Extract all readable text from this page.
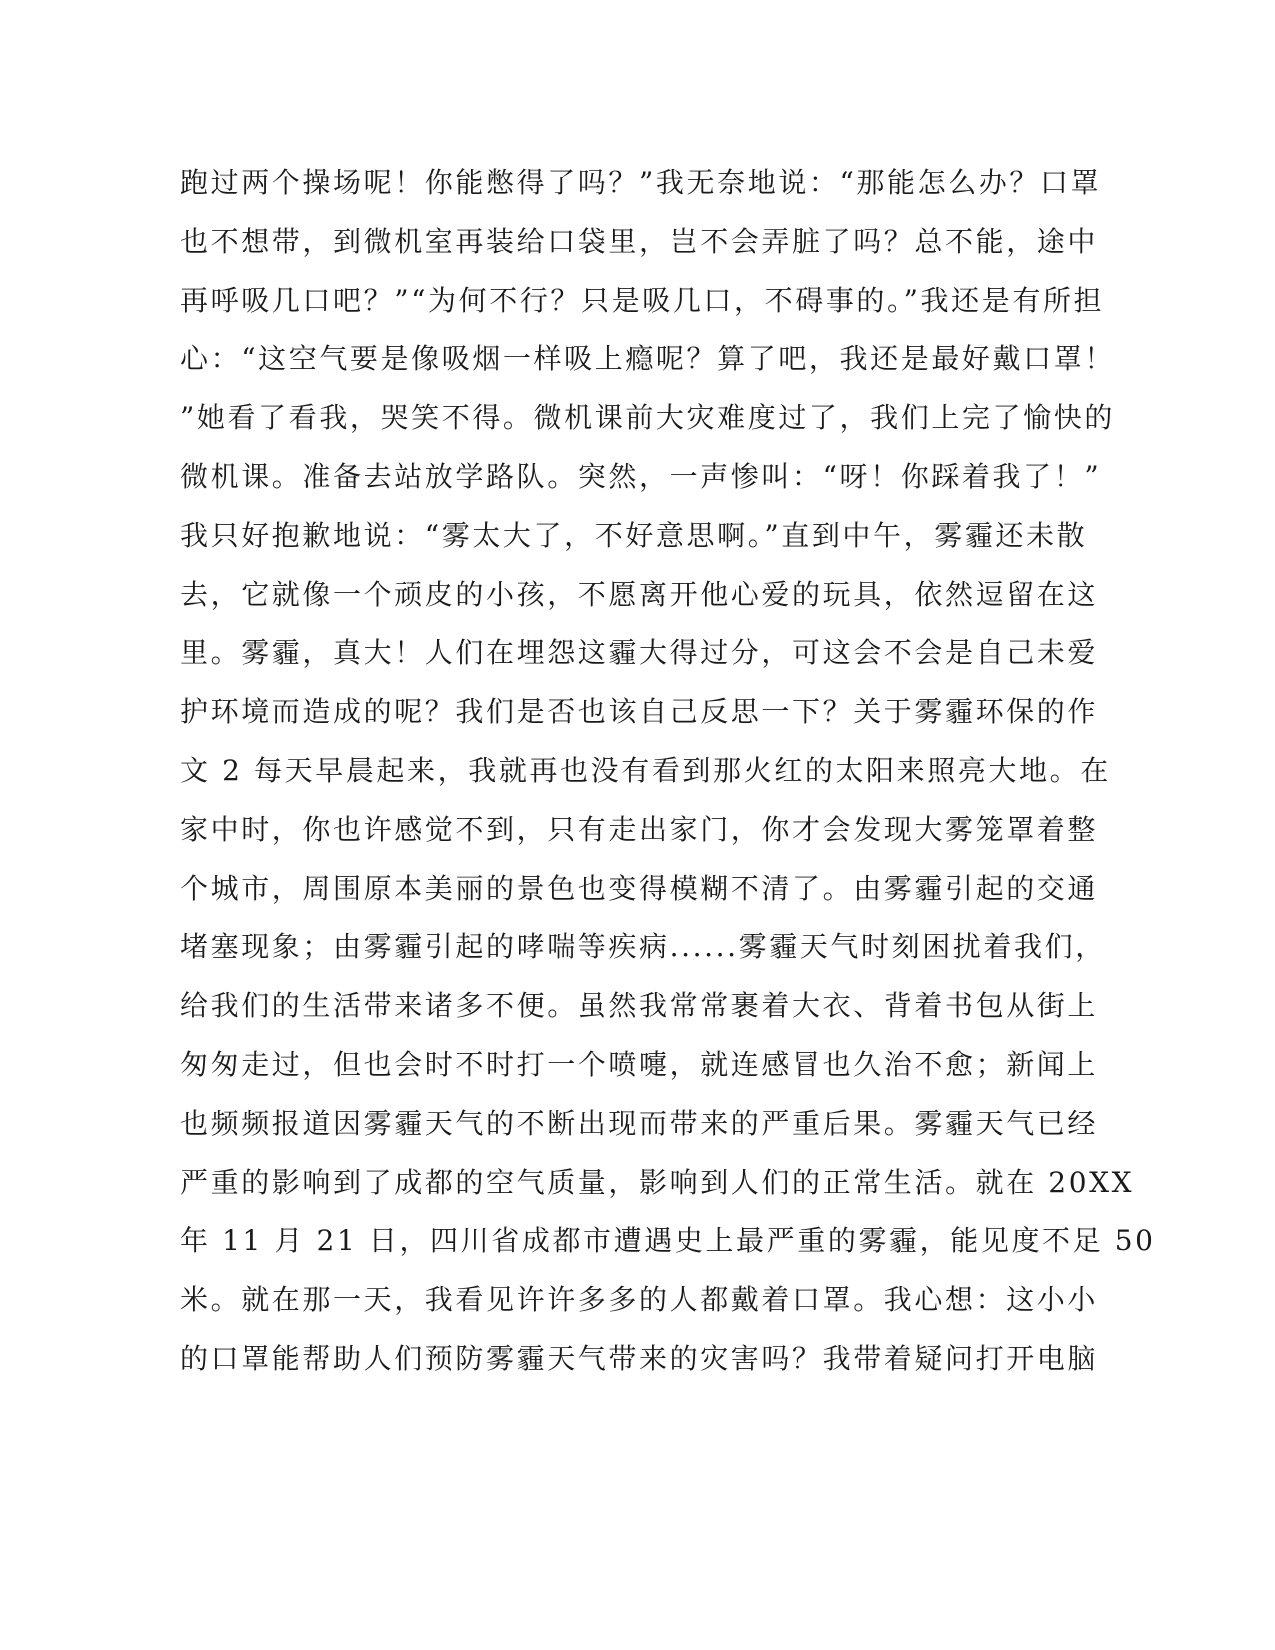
跑过两个操场呢！你能憋得了吗？”我无奈地说：“那能怎么办？口罩
也不想带，到微机室再装给口袋里，岂不会弄脏了吗？总不能，途中
再呼吸几口吧？”“为何不行？只是吸几口，不碍事的。”我还是有所担
心：“这空气要是像吸烟一样吸上瘾呢？算了吧，我还是最好戴口罩！
”她看了看我，哭笑不得。微机课前大灾难度过了，我们上完了愉快的
微机课。准备去站放学路队。突然，一声惨叫：“呀！你踩着我了！”
我只好抱歉地说：“雾太大了，不好意思啊。”直到中午，雾霾还未散
去，它就像一个顽皮的小孩，不愿离开他心爱的玩具，依然逗留在这
里。雾霾，真大！人们在埋怨这霾大得过分，可这会不会是自己未爱
护环境而造成的呢？我们是否也该自己反思一下？关于雾霾环保的作
文 2 每天早晨起来，我就再也没有看到那火红的太阳来照亮大地。在
家中时，你也许感觉不到，只有走出家门，你才会发现大雾笼罩着整
个城市，周围原本美丽的景色也变得模糊不清了。由雾霾引起的交通
堵塞现象；由雾霾引起的哮喘等疾病......雾霾天气时刻困扰着我们，
给我们的生活带来诸多不便。虽然我常常裹着大衣、背着书包从街上
匆匆走过，但也会时不时打一个喷嚏，就连感冒也久治不愈；新闻上
也频频报道因雾霾天气的不断出现而带来的严重后果。雾霾天气已经
严重的影响到了成都的空气质量，影响到人们的正常生活。就在 20XX
年 11 月 21 日，四川省成都市遭遇史上最严重的雾霾，能见度不足 50
米。就在那一天，我看见许许多多的人都戴着口罩。我心想：这小小
的口罩能帮助人们预防雾霾天气带来的灾害吗？我带着疑问打开电脑
